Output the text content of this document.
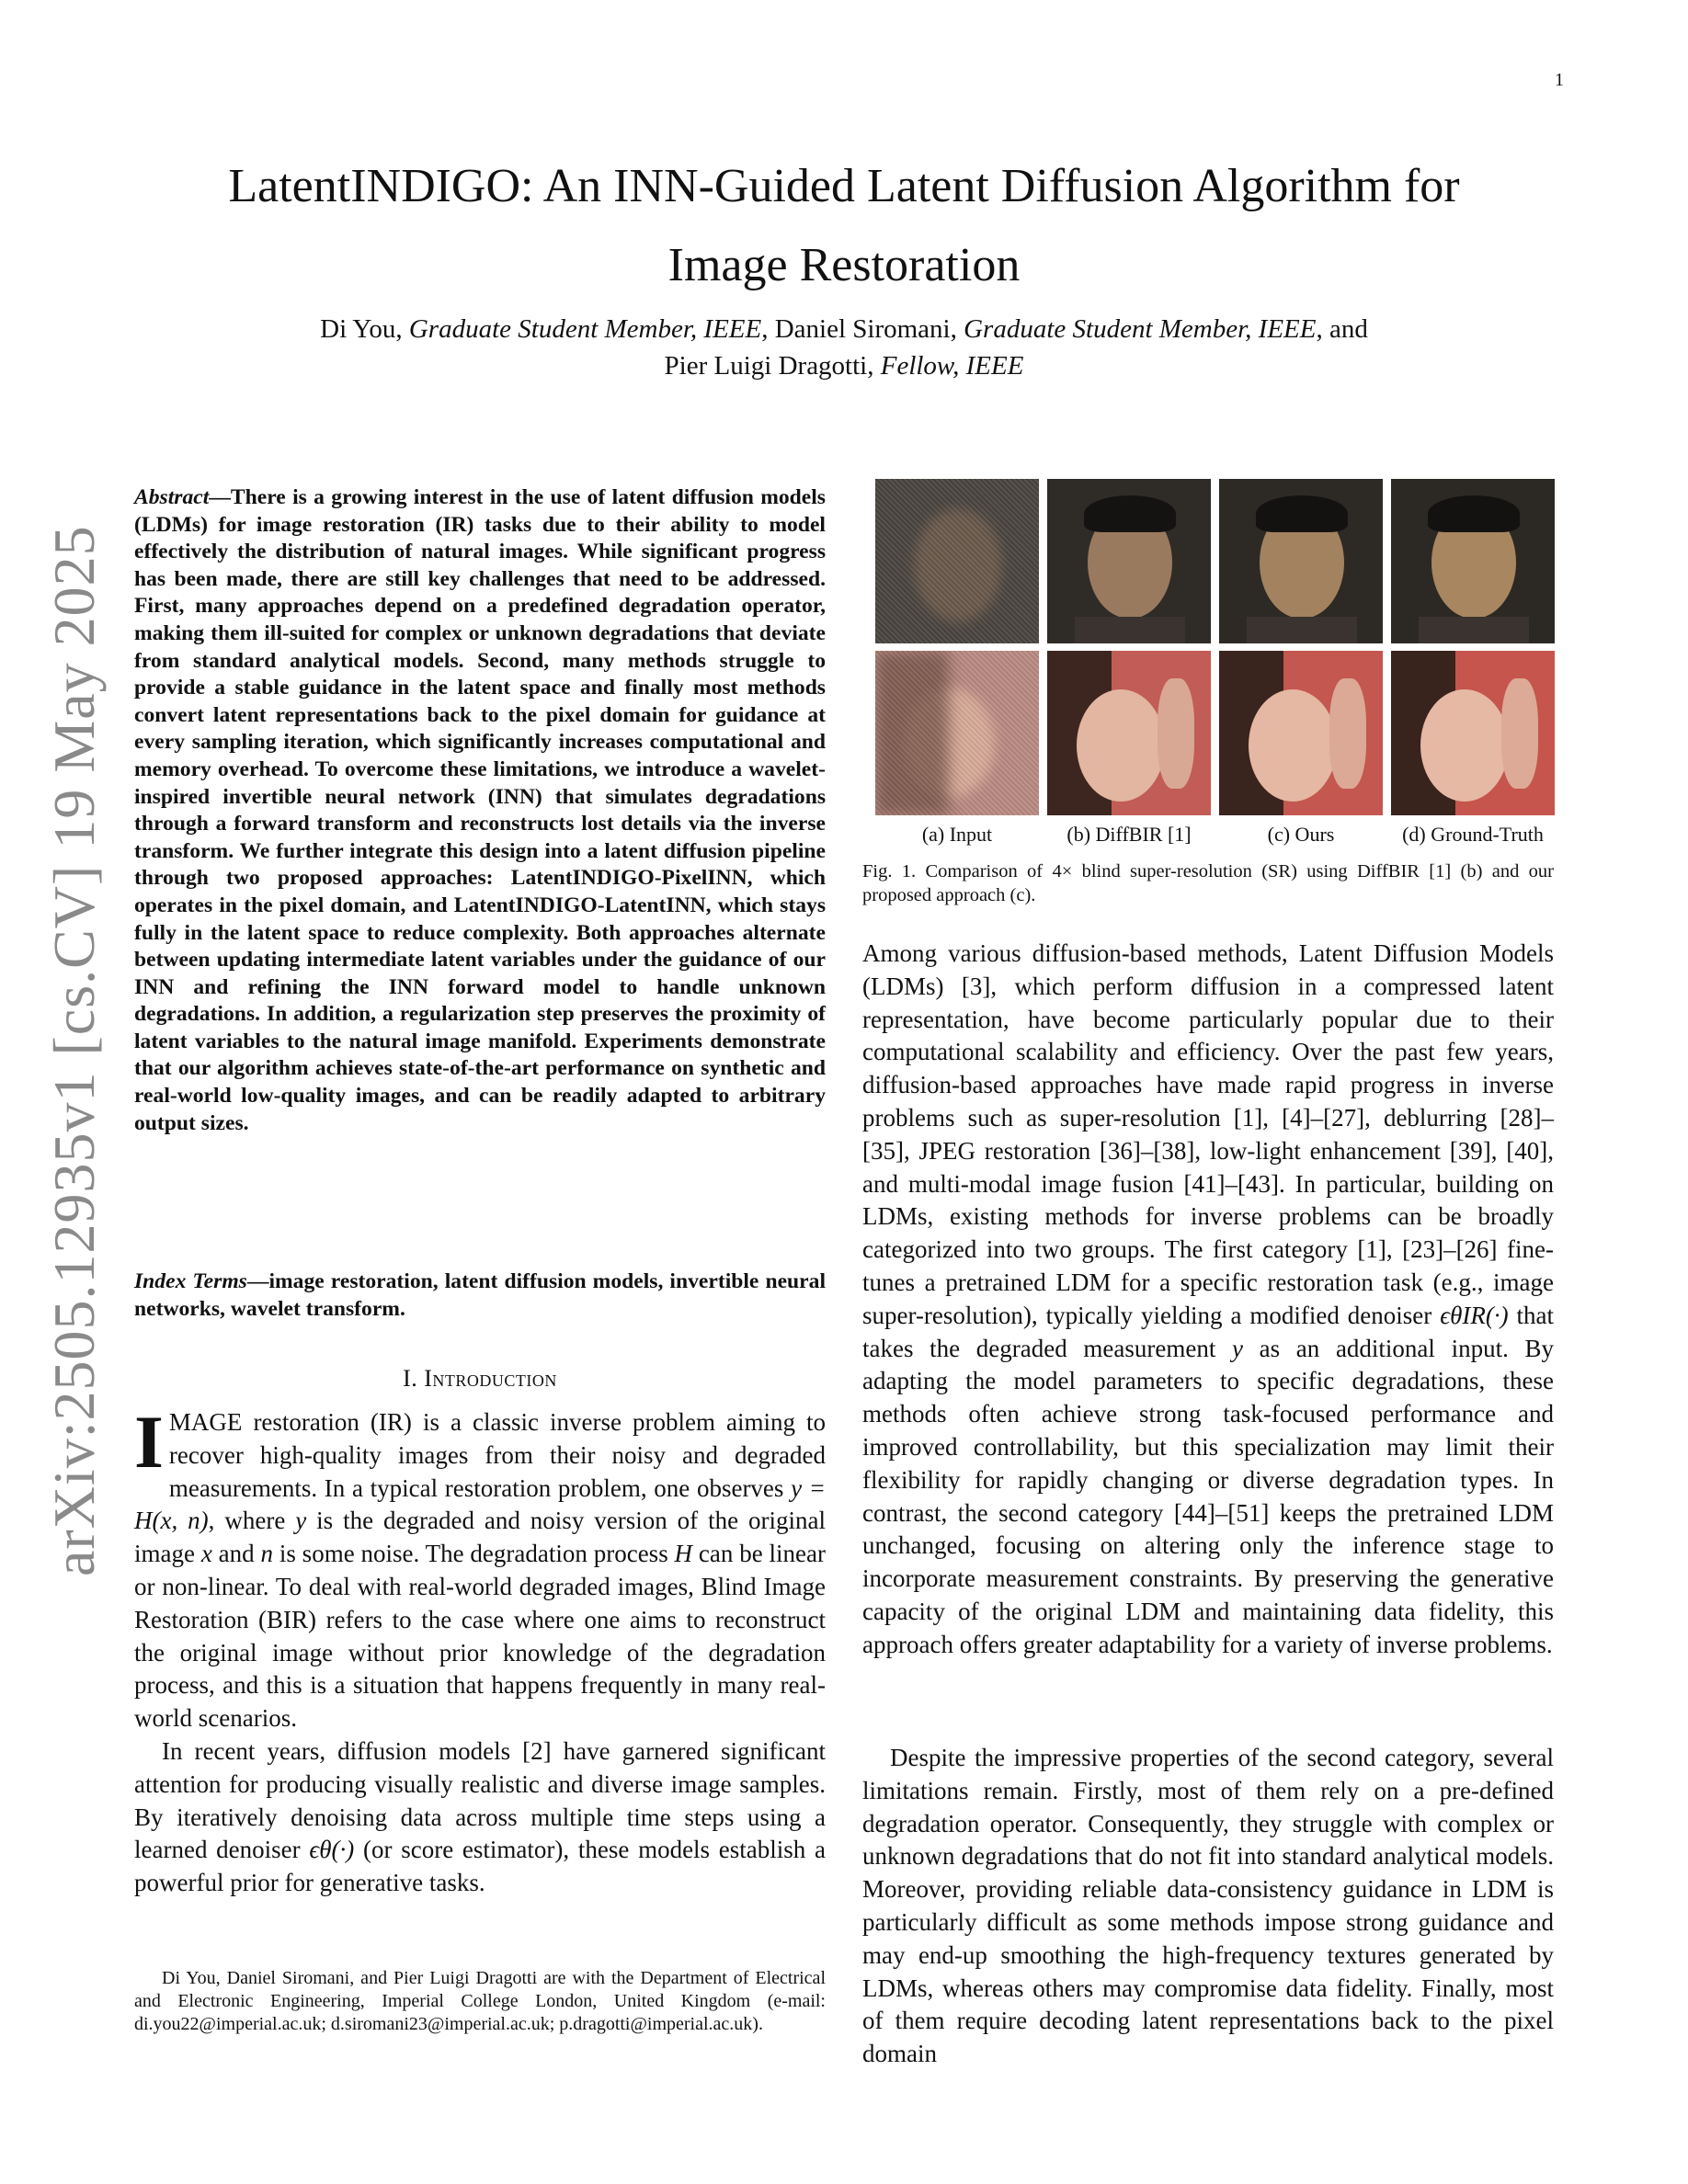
1
arXiv:2505.12935v1 [cs.CV] 19 May 2025
LatentINDIGO: An INN-Guided Latent Diffusion Algorithm for
Image Restoration
Di You, Graduate Student Member, IEEE, Daniel Siromani, Graduate Student Member, IEEE, and
Pier Luigi Dragotti, Fellow, IEEE
Abstract—There is a growing interest in the use of latent diffusion models (LDMs) for image restoration (IR) tasks due to their ability to model effectively the distribution of natural images. While significant progress has been made, there are still key challenges that need to be addressed. First, many approaches depend on a predefined degradation operator, making them ill-suited for complex or unknown degradations that deviate from standard analytical models. Second, many methods struggle to provide a stable guidance in the latent space and finally most methods convert latent representations back to the pixel domain for guidance at every sampling iteration, which significantly increases computational and memory overhead. To overcome these limitations, we introduce a wavelet-inspired invertible neural network (INN) that simulates degradations through a forward transform and reconstructs lost details via the inverse transform. We further integrate this design into a latent diffusion pipeline through two proposed approaches: LatentINDIGO-PixelINN, which operates in the pixel domain, and LatentINDIGO-LatentINN, which stays fully in the latent space to reduce complexity. Both approaches alternate between updating intermediate latent variables under the guidance of our INN and refining the INN forward model to handle unknown degradations. In addition, a regularization step preserves the proximity of latent variables to the natural image manifold. Experiments demonstrate that our algorithm achieves state-of-the-art performance on synthetic and real-world low-quality images, and can be readily adapted to arbitrary output sizes.
Index Terms—image restoration, latent diffusion models, invertible neural networks, wavelet transform.
I. Introduction

IMAGE restoration (IR) is a classic inverse problem aiming to recover high-quality images from their noisy and degraded measurements. In a typical restoration problem, one observes y = H(x, n), where y is the degraded and noisy version of the original image x and n is some noise. The degradation process H can be linear or non-linear. To deal with real-world degraded images, Blind Image Restoration (BIR) refers to the case where one aims to reconstruct the original image without prior knowledge of the degradation process, and this is a situation that happens frequently in many real-world scenarios.

In recent years, diffusion models [2] have garnered significant attention for producing visually realistic and diverse image samples. By iteratively denoising data across multiple time steps using a learned denoiser ϵθ(·) (or score estimator), these models establish a powerful prior for generative tasks.

Di You, Daniel Siromani, and Pier Luigi Dragotti are with the Department of Electrical and Electronic Engineering, Imperial College London, United Kingdom (e-mail: di.you22@imperial.ac.uk; d.siromani23@imperial.ac.uk; p.dragotti@imperial.ac.uk).

(a) Input	(b) DiffBIR [1]	(c) Ours	(d) Ground-Truth
Fig. 1. Comparison of 4× blind super-resolution (SR) using DiffBIR [1] (b) and our proposed approach (c).

Among various diffusion-based methods, Latent Diffusion Models (LDMs) [3], which perform diffusion in a compressed latent representation, have become particularly popular due to their computational scalability and efficiency. Over the past few years, diffusion-based approaches have made rapid progress in inverse problems such as super-resolution [1], [4]–[27], deblurring [28]–[35], JPEG restoration [36]–[38], low-light enhancement [39], [40], and multi-modal image fusion [41]–[43]. In particular, building on LDMs, existing methods for inverse problems can be broadly categorized into two groups. The first category [1], [23]–[26] fine-tunes a pretrained LDM for a specific restoration task (e.g., image super-resolution), typically yielding a modified denoiser ϵθIR(·) that takes the degraded measurement y as an additional input. By adapting the model parameters to specific degradations, these methods often achieve strong task-focused performance and improved controllability, but this specialization may limit their flexibility for rapidly changing or diverse degradation types. In contrast, the second category [44]–[51] keeps the pretrained LDM unchanged, focusing on altering only the inference stage to incorporate measurement constraints. By preserving the generative capacity of the original LDM and maintaining data fidelity, this approach offers greater adaptability for a variety of inverse problems.

Despite the impressive properties of the second category, several limitations remain. Firstly, most of them rely on a pre-defined degradation operator. Consequently, they struggle with complex or unknown degradations that do not fit into standard analytical models. Moreover, providing reliable data-consistency guidance in LDM is particularly difficult as some methods impose strong guidance and may end-up smoothing the high-frequency textures generated by LDMs, whereas others may compromise data fidelity. Finally, most of them require decoding latent representations back to the pixel domain
